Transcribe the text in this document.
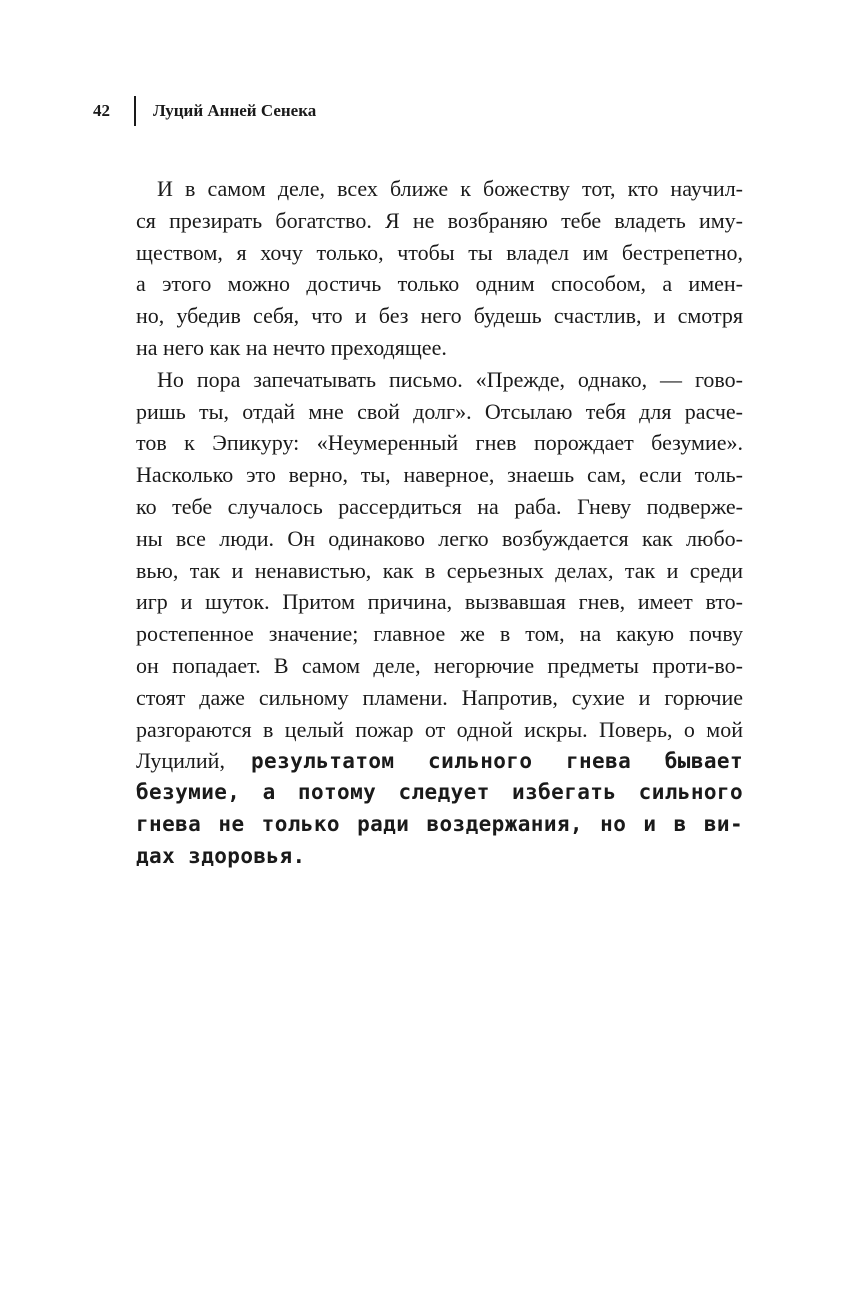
42	Луций Анней Сенека
И в самом деле, всех ближе к божеству тот, кто научил-
ся презирать богатство. Я не возбраняю тебе владеть иму-
ществом, я хочу только, чтобы ты владел им бестрепетно,
а этого можно достичь только одним способом, а имен-
но, убедив себя, что и без него будешь счастлив, и смотря
на него как на нечто преходящее.
Но пора запечатывать письмо. «Прежде, однако, — гово-
ришь ты, отдай мне свой долг». Отсылаю тебя для расче-
тов к Эпикуру: «Неумеренный гнев порождает безумие».
Насколько это верно, ты, наверное, знаешь сам, если толь-
ко тебе случалось рассердиться на раба. Гневу подверже-
ны все люди. Он одинаково легко возбуждается как любо-
вью, так и ненавистью, как в серьезных делах, так и среди
игр и шуток. Притом причина, вызвавшая гнев, имеет вто-
ростепенное значение; главное же в том, на какую почву
он попадает. В самом деле, негорючие предметы проти-во-
стоят даже сильному пламени. Напротив, сухие и горючие
разгораются в целый пожар от одной искры. Поверь, о мой
Луцилий, результатом сильного гнева бывает
безумие, а потому следует избегать сильного
гнева не только ради воздержания, но и в ви-
дах здоровья.
